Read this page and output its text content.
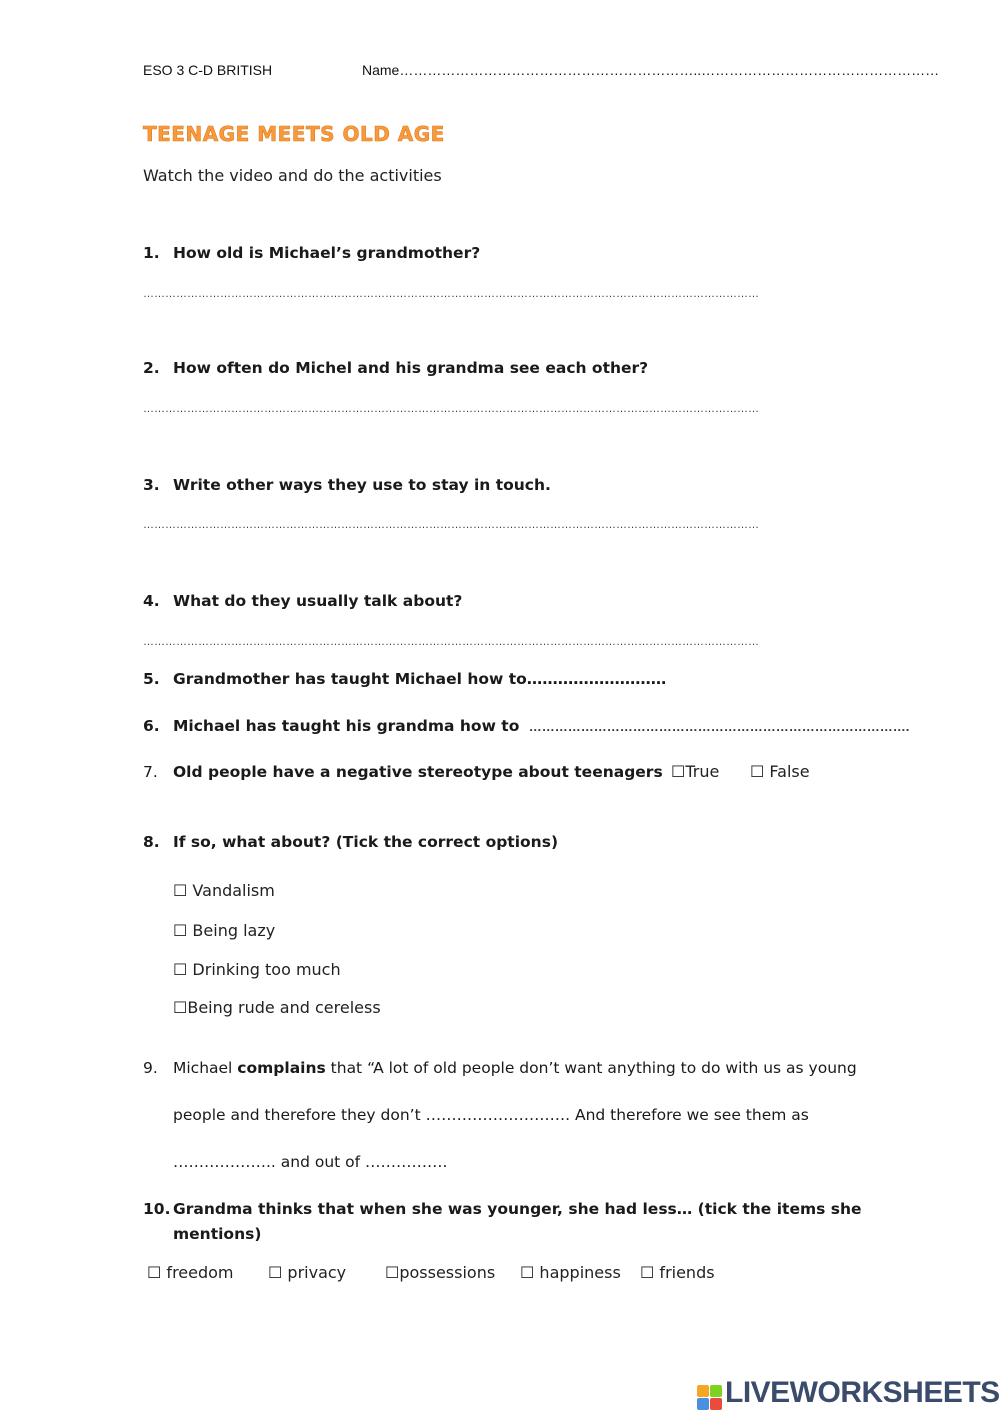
ESO 3 C-D BRITISH	Name………………………………………………………..……………………………………………
TEENAGE MEETS OLD AGE
Watch the video and do the activities
1. How old is Michael’s grandmother?
……………………………………………………………………………………………………………………………………………………
2. How often do Michel and his grandma see each other?
……………………………………………………………………………………………………………………………………………………
3. Write other ways they use to stay in touch.
……………………………………………………………………………………………………………………………………………………
4. What do they usually talk about?
……………………………………………………………………………………………………………………………………………………
5. Grandmother has taught Michael how to………………………
6. Michael has taught his grandma how to …………………………………………………………………………….
7. Old people have a negative stereotype about teenagers ☐True ☐ False
8. If so, what about? (Tick the correct options)
☐ Vandalism
☐ Being lazy
☐ Drinking too much
☐Being rude and cereless
9. Michael complains that “A lot of old people don’t want anything to do with us as young
people and therefore they don’t ………………………. And therefore we see them as
……………….. and out of …………….
10. Grandma thinks that when she was younger, she had less… (tick the items she
mentions)
☐ freedom ☐ privacy ☐possessions ☐ happiness ☐ friends
LIVEWORKSHEETS
